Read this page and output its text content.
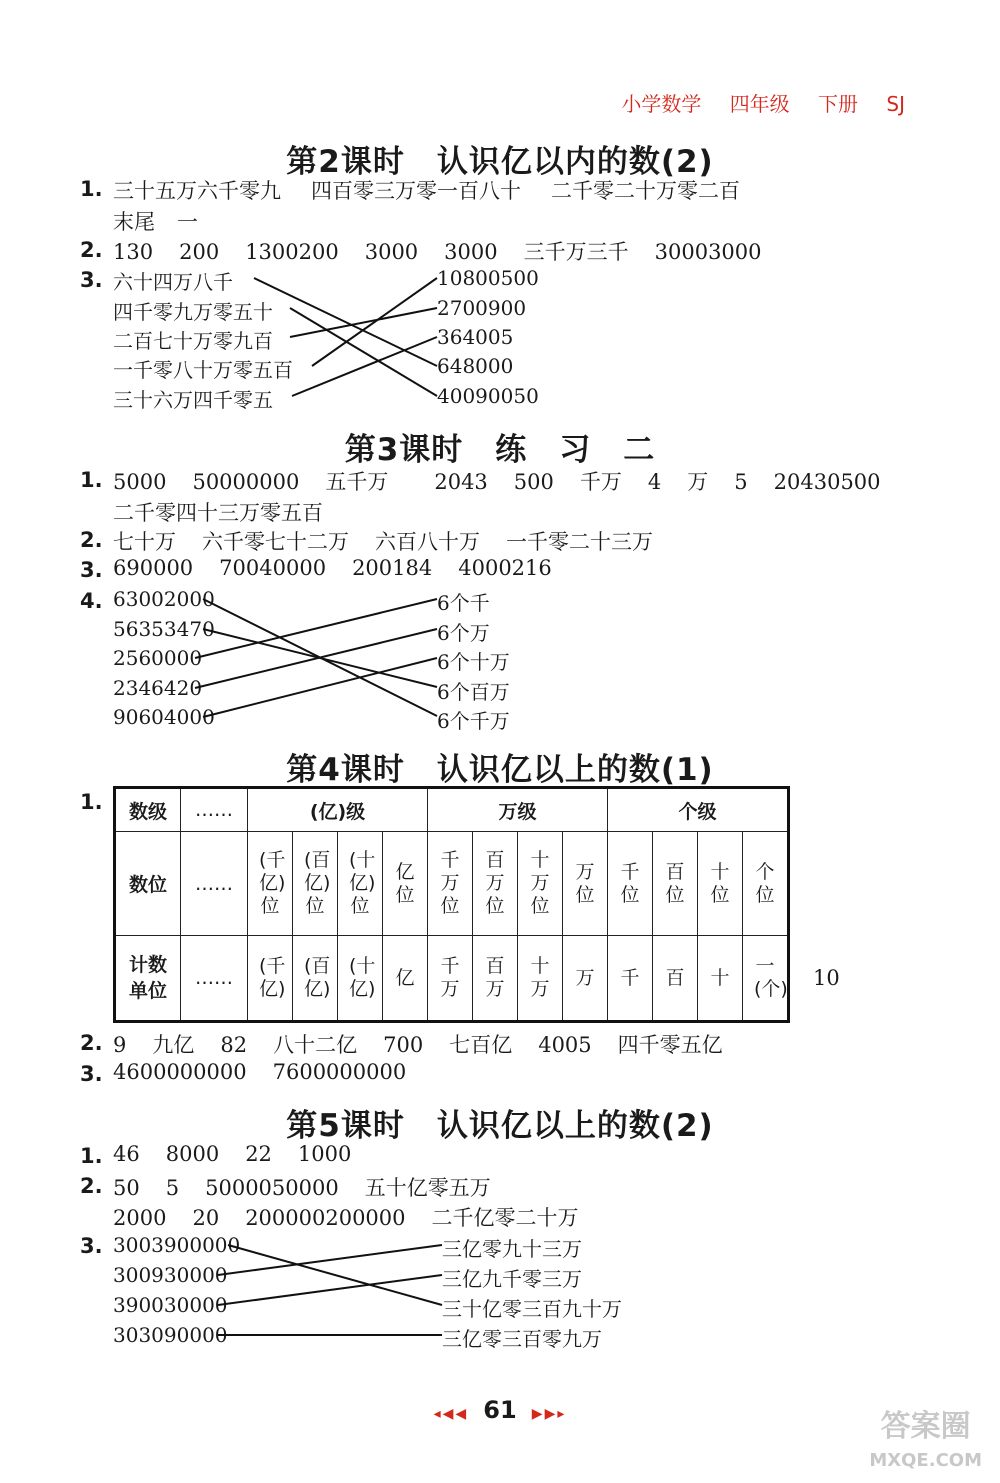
小学数学 四年级 下册 SJ
第2课时　认识亿以内的数(2)
1. 三十五万六千零九 四百零三万零一百八十 二千零二十万零二百
末尾 一
2. 130 200 1300200 3000 3000 三千万三千 30003000
3. 六十四万八千
四千零九万零五十
二百七十万零九百
一千零八十万零五百
三十六万四千零五
10800500
2700900
364005
648000
40090050
第3课时　练　习　二
1. 5000 50000000 五千万 2043 500 千万 4 万 5 20430500
二千零四十三万零五百
2. 七十万 六千零七十二万 六百八十万 一千零二十三万
3. 690000 70040000 200184 4000216
4. 63002000
56353470
2560000
2346420
90604000
6个千
6个万
6个十万
6个百万
6个千万
第4课时　认识亿以上的数(1)
1. 数级	……	(亿)级				万级				个级			
数位	……	(千亿)位	(百亿)位	(十亿)位	亿位	千万位	百万位	十万位	万位	千位	百位	十位	个位
计数单位	……	(千亿)	(百亿)	(十亿)	亿	千万	百万	十万	万	千	百	十	一(个) 10
2. 9 九亿 82 八十二亿 700 七百亿 4005 四千零五亿
3. 4600000000 7600000000
第5课时　认识亿以上的数(2)
1. 46 8000 22 1000
2. 50 5 5000050000 五十亿零五万
2000 20 200000200000 二千亿零二十万
3. 3003900000
300930000
390030000
303090000
三亿零九十三万
三亿九千零三万
三十亿零三百九十万
三亿零三百零九万
◂◀◀ 61 ▶▶▸	答案圈
MXQE.COM
